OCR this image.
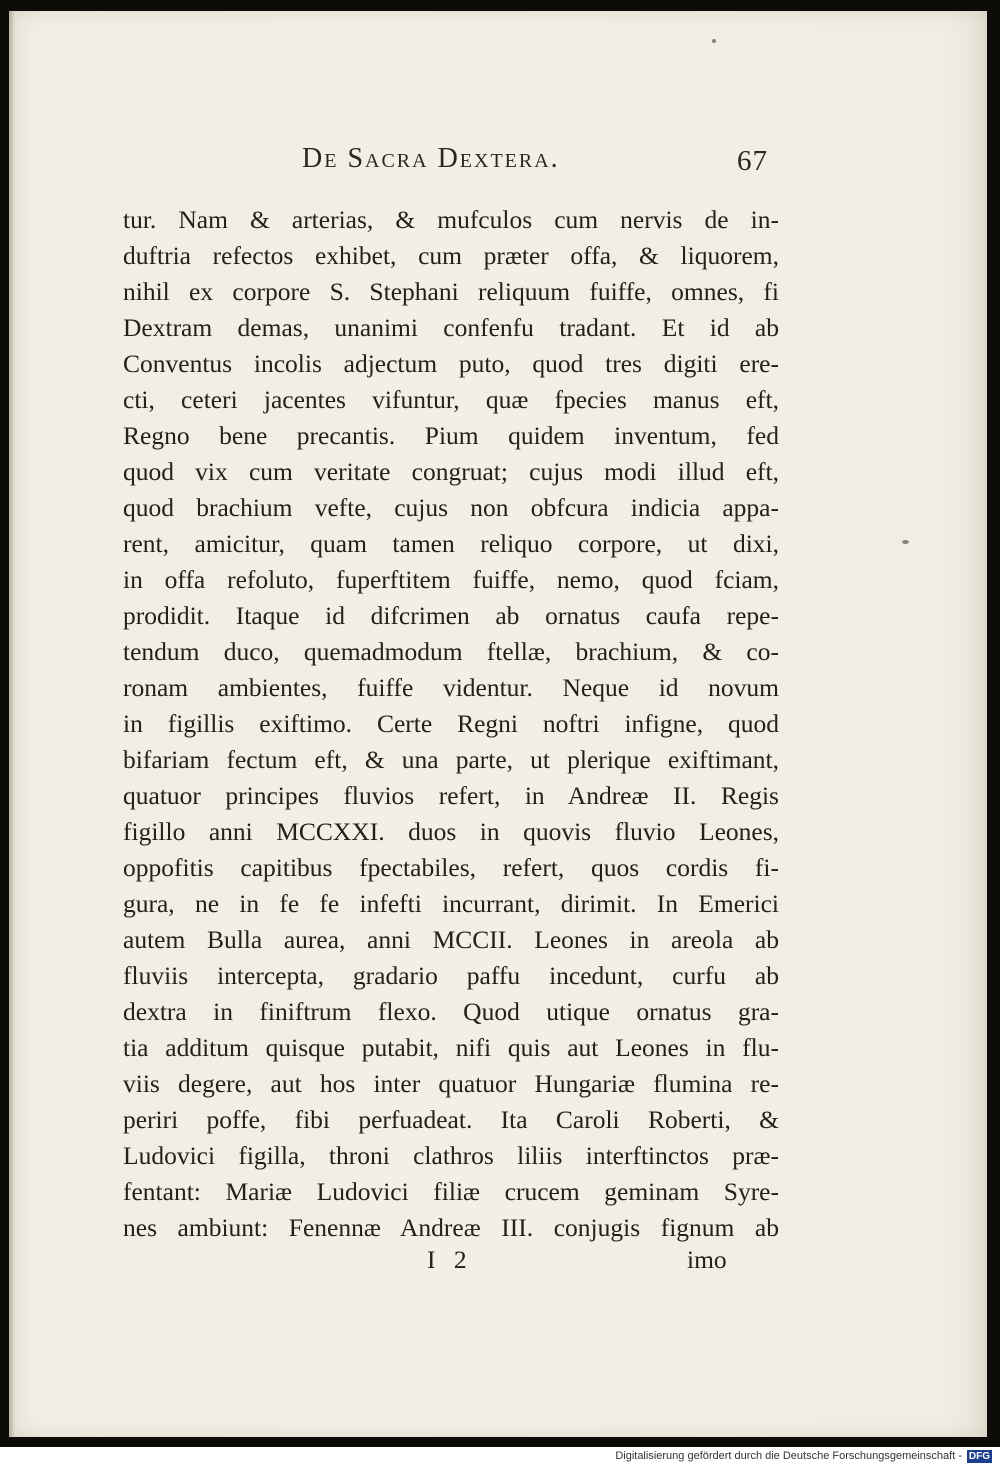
De Sacra Dextera.	67
tur. Nam & arterias, & mufculos cum nervis de in-
duftria refectos exhibet, cum præter offa, & liquorem,
nihil ex corpore S. Stephani reliquum fuiffe, omnes, fi
Dextram demas, unanimi confenfu tradant. Et id ab
Conventus incolis adjectum puto, quod tres digiti ere-
cti, ceteri jacentes vifuntur, quæ fpecies manus eft,
Regno bene precantis. Pium quidem inventum, fed
quod vix cum veritate congruat; cujus modi illud eft,
quod brachium vefte, cujus non obfcura indicia appa-
rent, amicitur, quam tamen reliquo corpore, ut dixi,
in offa refoluto, fuperftitem fuiffe, nemo, quod fciam,
prodidit. Itaque id difcrimen ab ornatus caufa repe-
tendum duco, quemadmodum ftellæ, brachium, & co-
ronam ambientes, fuiffe videntur. Neque id novum
in figillis exiftimo. Certe Regni noftri infigne, quod
bifariam fectum eft, & una parte, ut plerique exiftimant,
quatuor principes fluvios refert, in Andreæ II. Regis
figillo anni MCCXXI. duos in quovis fluvio Leones,
oppofitis capitibus fpectabiles, refert, quos cordis fi-
gura, ne in fe fe infefti incurrant, dirimit. In Emerici
autem Bulla aurea, anni MCCII. Leones in areola ab
fluviis intercepta, gradario paffu incedunt, curfu ab
dextra in finiftrum flexo. Quod utique ornatus gra-
tia additum quisque putabit, nifi quis aut Leones in flu-
viis degere, aut hos inter quatuor Hungariæ flumina re-
periri poffe, fibi perfuadeat. Ita Caroli Roberti, &
Ludovici figilla, throni clathros liliis interftinctos præ-
fentant: Mariæ Ludovici filiæ crucem geminam Syre-
nes ambiunt: Fenennæ Andreæ III. conjugis fignum ab
I 2	imo
Digitalisierung gefördert durch die Deutsche Forschungsgemeinschaft - DFG
